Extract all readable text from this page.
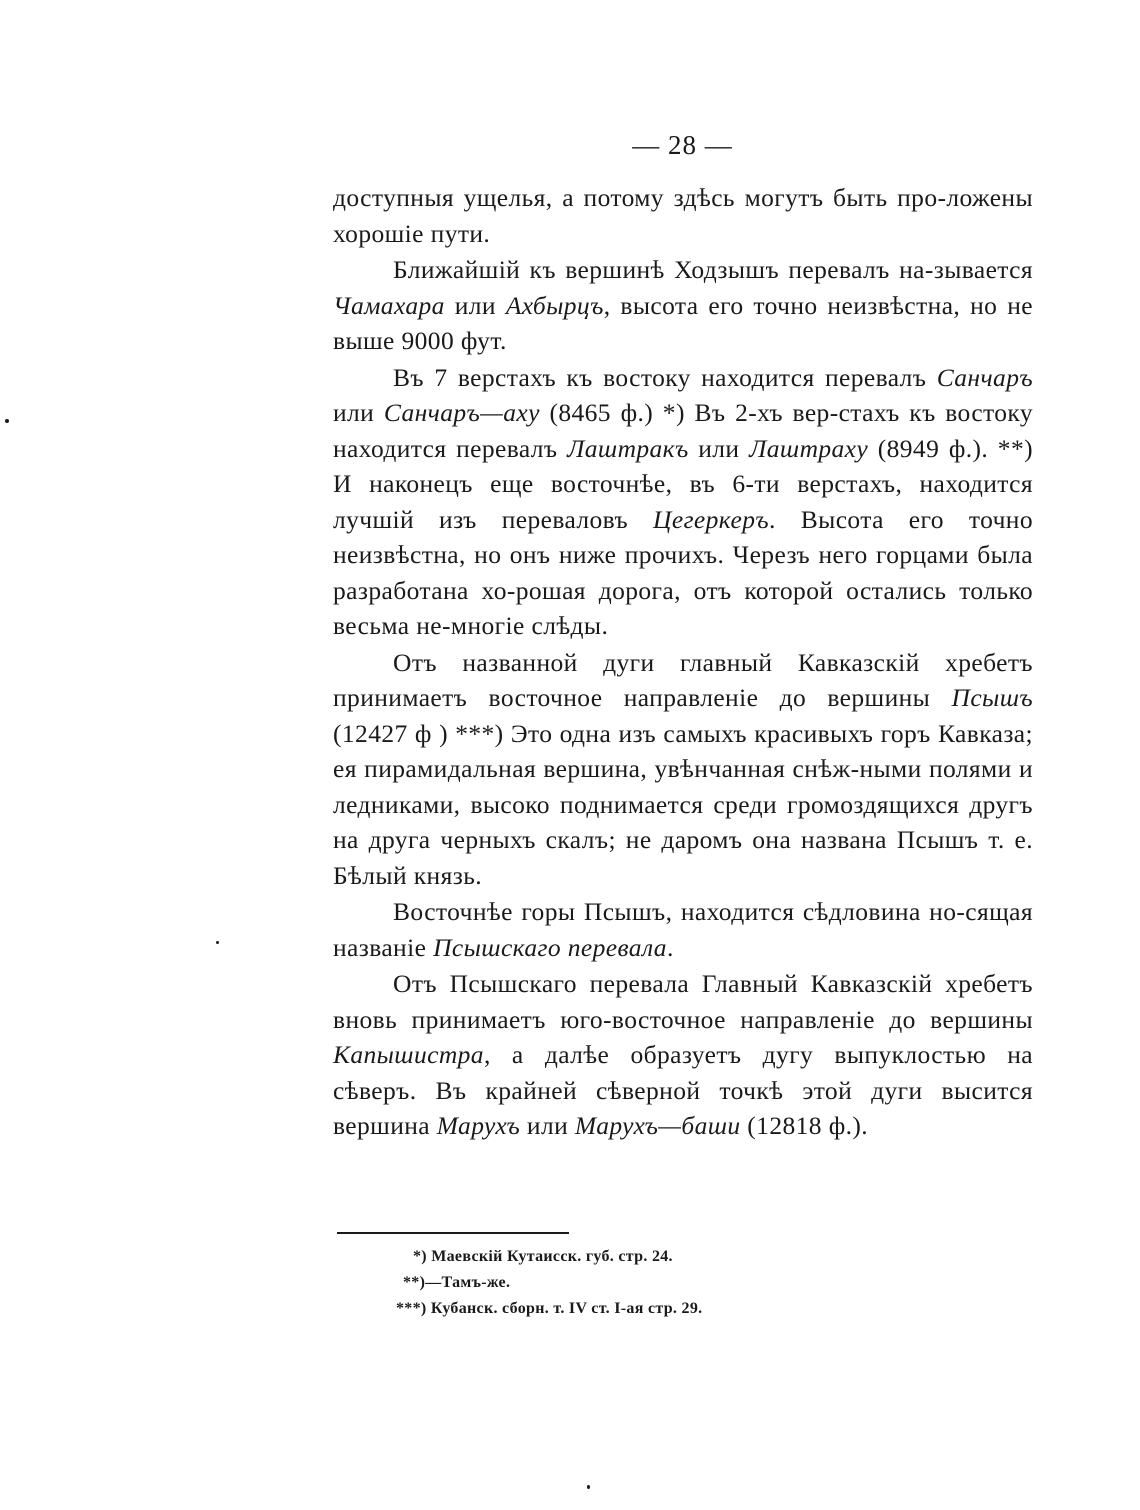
— 28 —

доступныя ущелья, а потому здѣсь могутъ быть про-ложены хорошiе пути.

Ближайшiй къ вершинѣ Ходзышъ перевалъ на-зывается Чамахара или Ахбырцъ, высота его точно неизвѣстна, но не выше 9000 фут.

Въ 7 верстахъ къ востоку находится перевалъ Санчаръ или Санчаръ—аху (8465 ф.) *) Въ 2-хъ вер-стахъ къ востоку находится перевалъ Лаштракъ или Лаштраху (8949 ф.). **) И наконецъ еще восточнѣе, въ 6-ти верстахъ, находится лучшiй изъ переваловъ Цегеркеръ. Высота его точно неизвѣстна, но онъ ниже прочихъ. Черезъ него горцами была разработана хо-рошая дорога, отъ которой остались только весьма не-многiе слѣды.

Отъ названной дуги главный Кавказскiй хребетъ принимаетъ восточное направленiе до вершины Псышъ (12427 ф ) ***) Это одна изъ самыхъ красивыхъ горъ Кавказа; ея пирамидальная вершина, увѣнчанная снѣж-ными полями и ледниками, высоко поднимается среди громоздящихся другъ на друга черныхъ скалъ; не даромъ она названа Псышъ т. е. Бѣлый князь.

Восточнѣе горы Псышъ, находится сѣдловина но-сящая названiе Псышскаго перевала.

Отъ Псышскаго перевала Главный Кавказскiй хребетъ вновь принимаетъ юго-восточное направленiе до вершины Капышистра, а далѣе образуетъ дугу выпуклостью на сѣверъ. Въ крайней сѣверной точкѣ этой дуги высится вершина Марухъ или Марухъ—баши (12818 ф.).

*) Маевскiй Кутаисск. губ. стр. 24.
**)—Тамъ-же.
***) Кубанск. сборн. т. IV ст. I-ая стр. 29.
